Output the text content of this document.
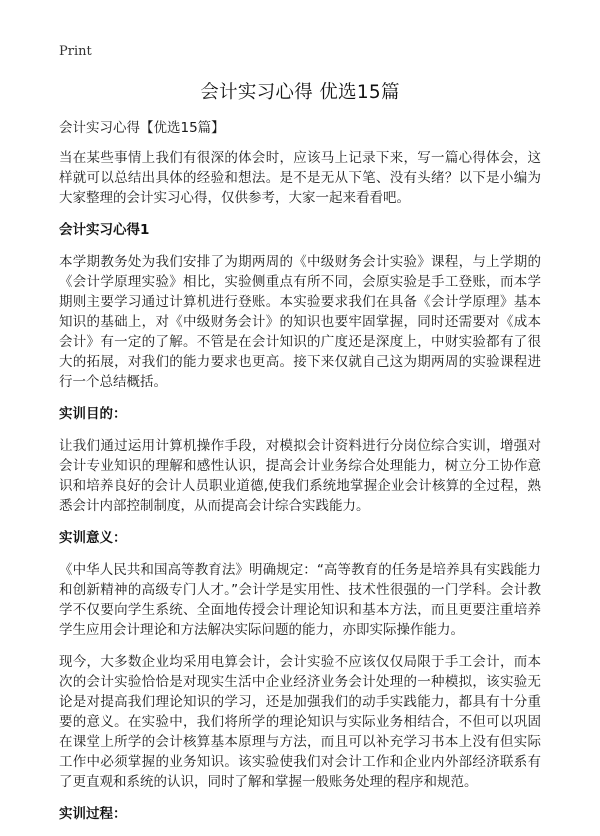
Print
会计实习心得 优选15篇

会计实习心得【优选15篇】

当在某些事情上我们有很深的体会时，应该马上记录下来，写一篇心得体会，这样就可以总结出具体的经验和想法。是不是无从下笔、没有头绪？以下是小编为大家整理的会计实习心得，仅供参考，大家一起来看看吧。

会计实习心得1

本学期教务处为我们安排了为期两周的《中级财务会计实验》课程，与上学期的《会计学原理实验》相比，实验侧重点有所不同，会原实验是手工登账，而本学期则主要学习通过计算机进行登账。本实验要求我们在具备《会计学原理》基本知识的基础上，对《中级财务会计》的知识也要牢固掌握，同时还需要对《成本会计》有一定的了解。不管是在会计知识的广度还是深度上，中财实验都有了很大的拓展，对我们的能力要求也更高。接下来仅就自己这为期两周的实验课程进行一个总结概括。

实训目的：

让我们通过运用计算机操作手段，对模拟会计资料进行分岗位综合实训，增强对会计专业知识的理解和感性认识，提高会计业务综合处理能力，树立分工协作意识和培养良好的会计人员职业道德,使我们系统地掌握企业会计核算的全过程，熟悉会计内部控制制度，从而提高会计综合实践能力。

实训意义：

《中华人民共和国高等教育法》明确规定：“高等教育的任务是培养具有实践能力和创新精神的高级专门人才。”会计学是实用性、技术性很强的一门学科。会计教学不仅要向学生系统、全面地传授会计理论知识和基本方法，而且更要注重培养学生应用会计理论和方法解决实际问题的能力，亦即实际操作能力。

现今，大多数企业均采用电算会计，会计实验不应该仅仅局限于手工会计，而本次的会计实验恰恰是对现实生活中企业经济业务会计处理的一种模拟，该实验无论是对提高我们理论知识的学习，还是加强我们的动手实践能力，都具有十分重要的意义。在实验中，我们将所学的理论知识与实际业务相结合，不但可以巩固在课堂上所学的会计核算基本原理与方法，而且可以补充学习书本上没有但实际工作中必须掌握的业务知识。该实验使我们对会计工作和企业内外部经济联系有了更直观和系统的认识，同时了解和掌握一般账务处理的程序和规范。

实训过程：
